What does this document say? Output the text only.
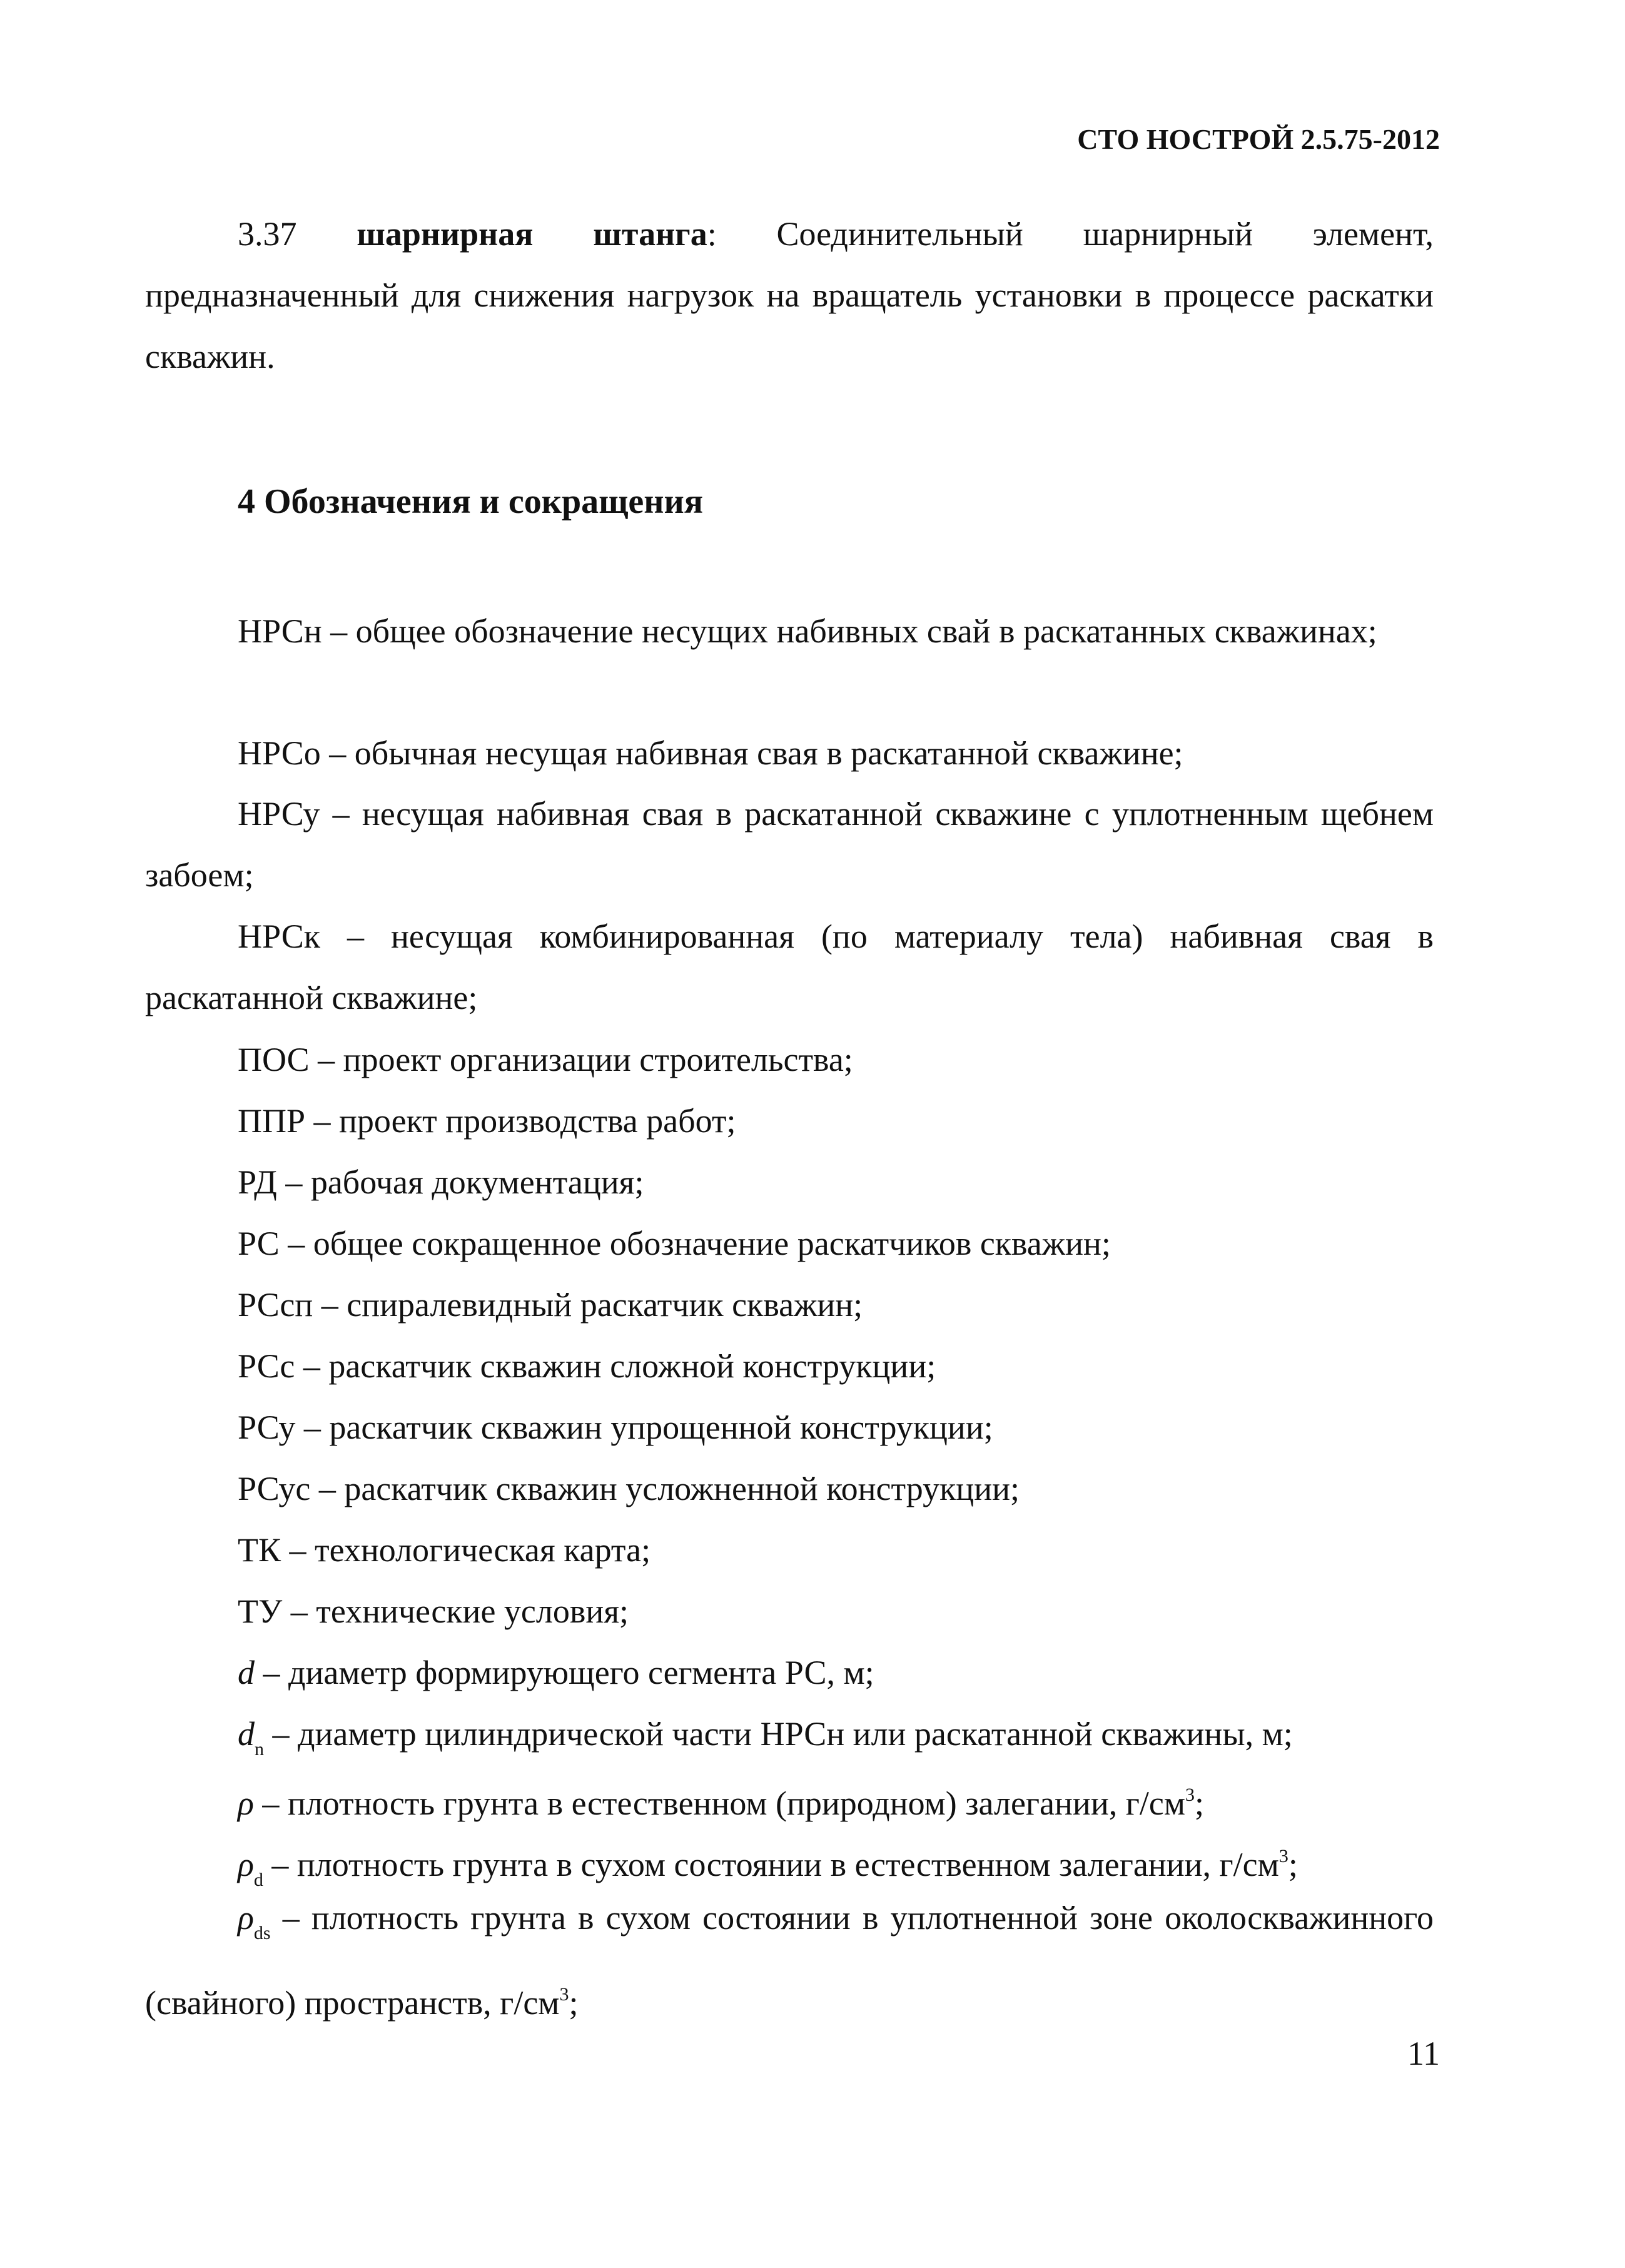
СТО НОСТРОЙ 2.5.75-2012
3.37 шарнирная штанга: Соединительный шарнирный элемент, предназначенный для снижения нагрузок на вращатель установки в процессе раскатки скважин.
4 Обозначения и сокращения
НРСн – общее обозначение несущих набивных свай в раскатанных скважинах;
НРСо – обычная несущая набивная свая в раскатанной скважине;
НРСу – несущая набивная свая в раскатанной скважине с уплотненным щебнем забоем;
НРСк – несущая комбинированная (по материалу тела) набивная свая в раскатанной скважине;
ПОС – проект организации строительства;
ППР – проект производства работ;
РД – рабочая документация;
РС – общее сокращенное обозначение раскатчиков скважин;
РСсп – спиралевидный раскатчик скважин;
РСс – раскатчик скважин сложной конструкции;
РСу – раскатчик скважин упрощенной конструкции;
РСус – раскатчик скважин усложненной конструкции;
ТК – технологическая карта;
ТУ – технические условия;
d – диаметр формирующего сегмента РС, м;
$d_n$ – диаметр цилиндрической части НРСн или раскатанной скважины, м;
ρ – плотность грунта в естественном (природном) залегании, $г/см^3$;
$\rho_d$ – плотность грунта в сухом состоянии в естественном залегании, $г/см^3$;
$\rho_{ds}$ – плотность грунта в сухом состоянии в уплотненной зоне околоскважинного (свайного) пространств, $г/см^3$;
11
